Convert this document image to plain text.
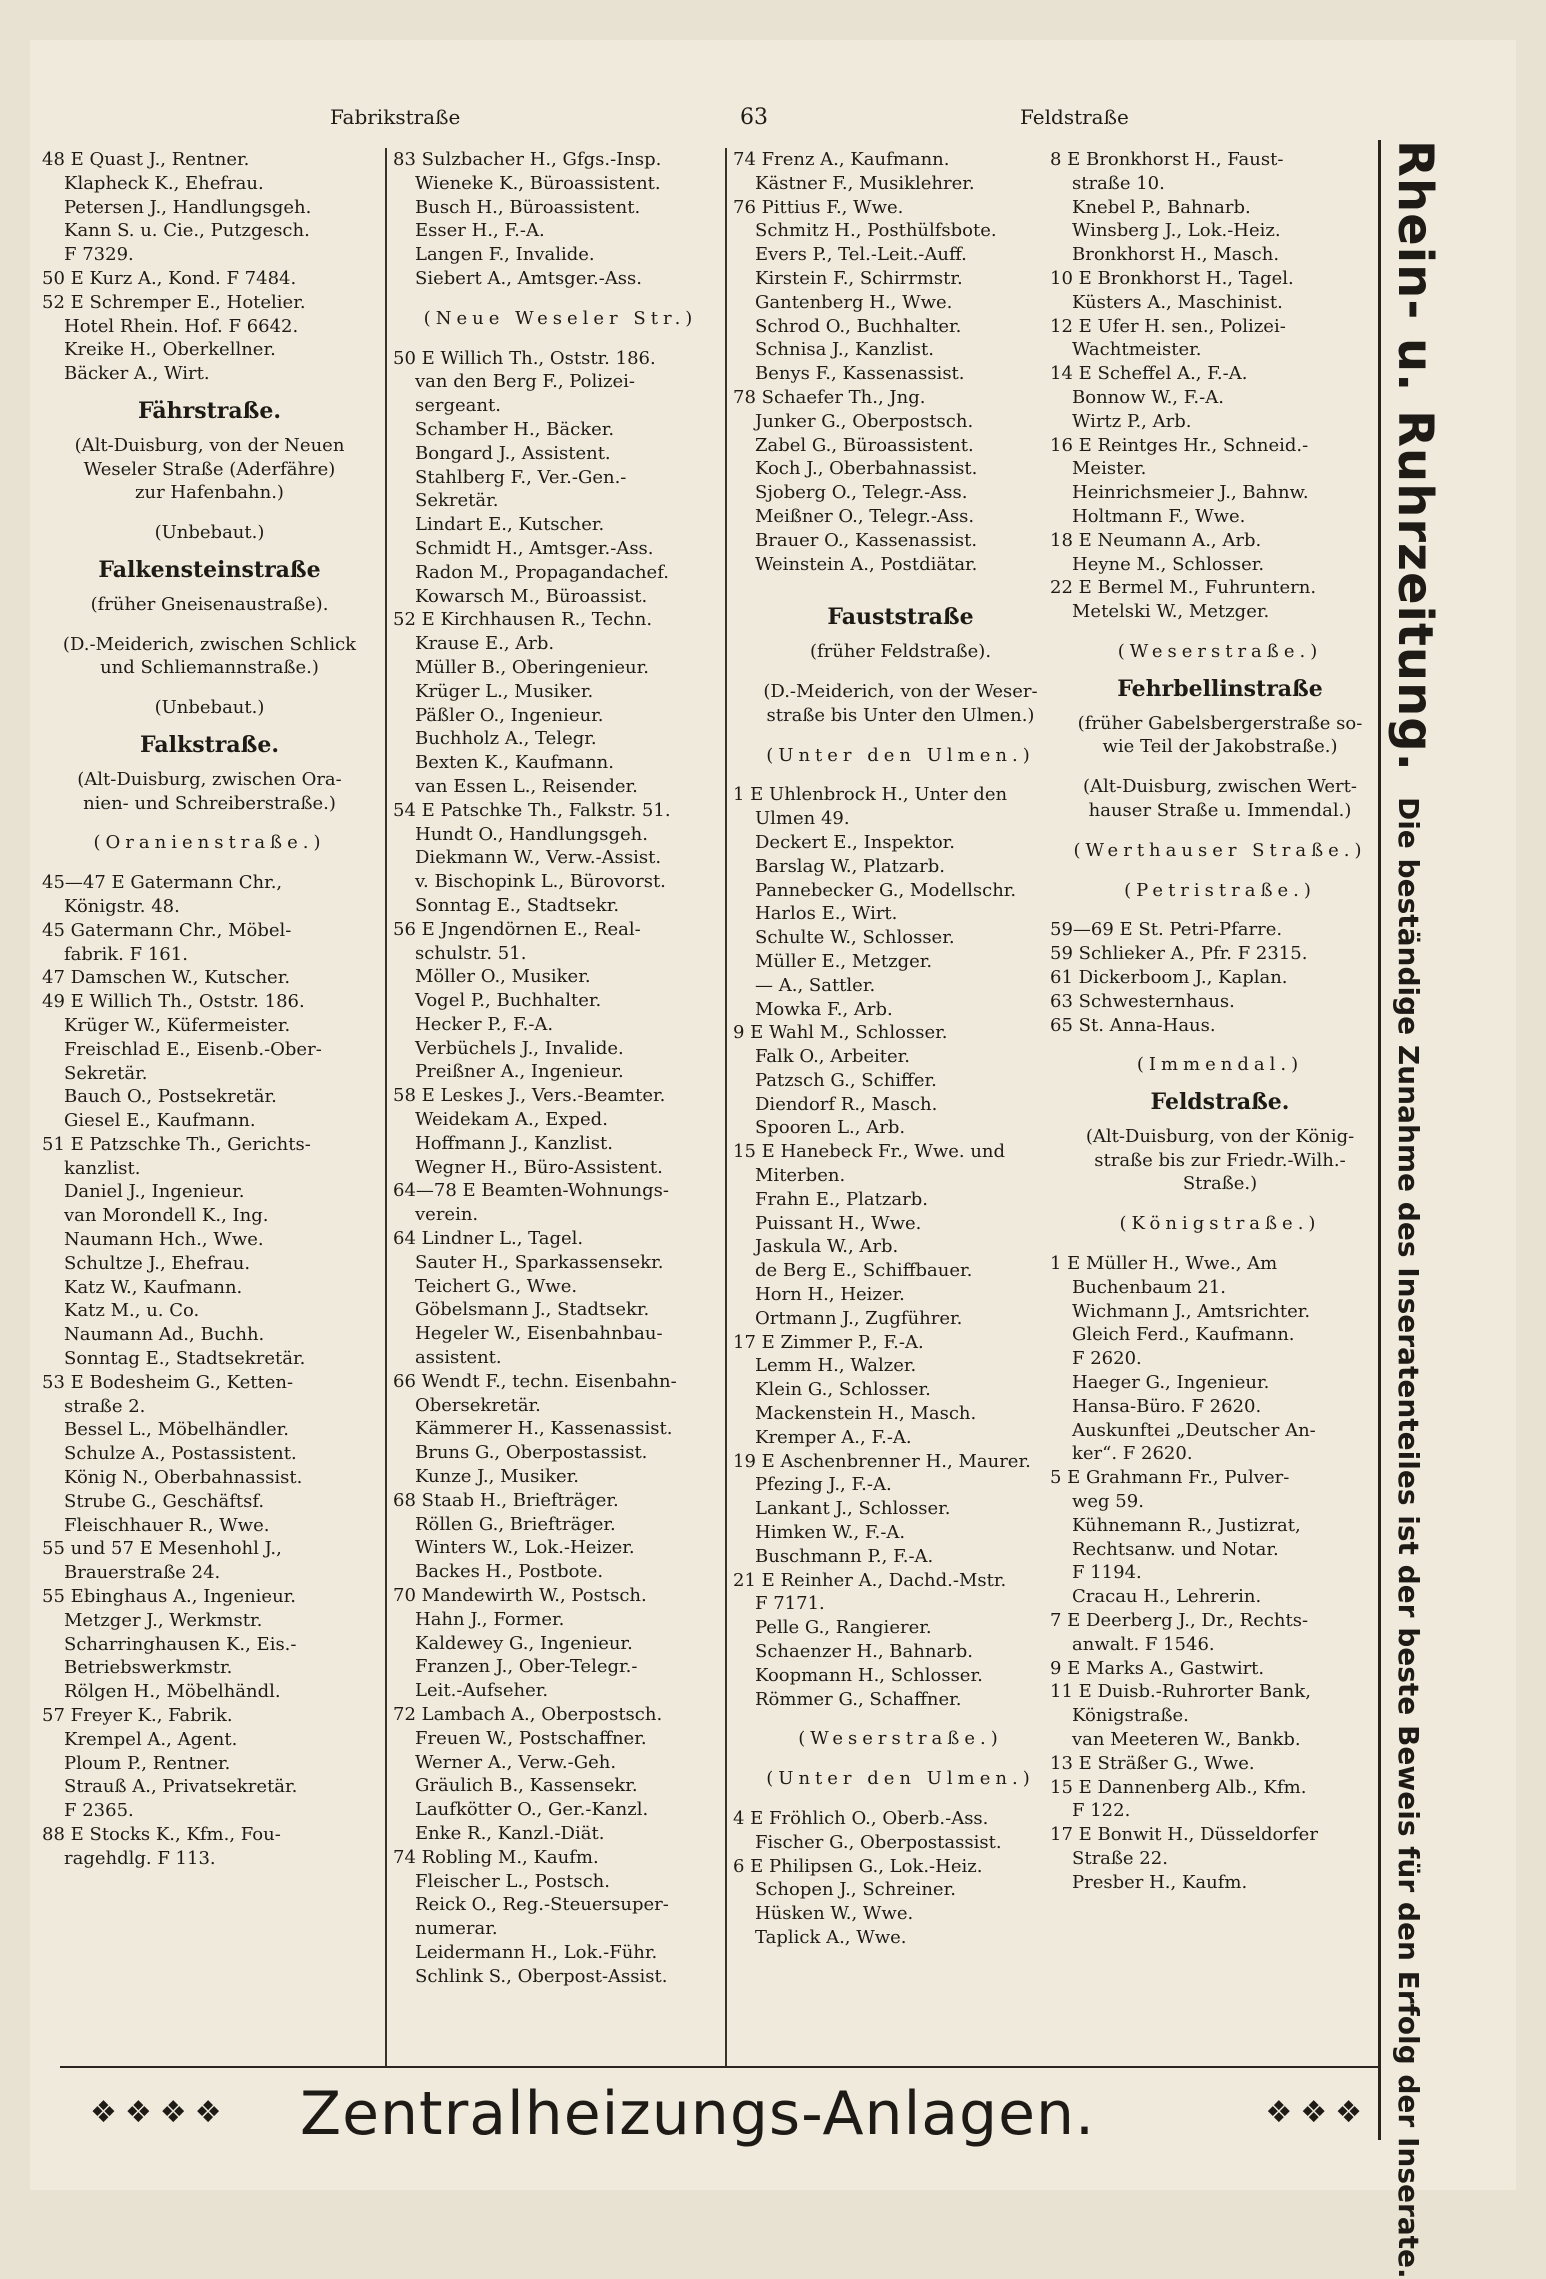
Fabrikstraße	63	Feldstraße
48 E Quast J., Rentner.
Klapheck K., Ehefrau.
Petersen J., Handlungsgeh.
Kann S. u. Cie., Putzgesch.
F 7329.
50 E Kurz A., Kond. F 7484.
52 E Schremper E., Hotelier.
Hotel Rhein. Hof. F 6642.
Kreike H., Oberkellner.
Bäcker A., Wirt.
Fährstraße.
(Alt-Duisburg, von der Neuen
Weseler Straße (Aderfähre)
zur Hafenbahn.)
(Unbebaut.)
Falkensteinstraße
(früher Gneisenaustraße).
(D.-Meiderich, zwischen Schlick
und Schliemannstraße.)
(Unbebaut.)
Falkstraße.
(Alt-Duisburg, zwischen Ora-
nien- und Schreiberstraße.)
(Oranienstraße.)
45—47 E Gatermann Chr.,
Königstr. 48.
45 Gatermann Chr., Möbel-
fabrik. F 161.
47 Damschen W., Kutscher.
49 E Willich Th., Oststr. 186.
Krüger W., Küfermeister.
Freischlad E., Eisenb.-Ober-
Sekretär.
Bauch O., Postsekretär.
Giesel E., Kaufmann.
51 E Patzschke Th., Gerichts-
kanzlist.
Daniel J., Ingenieur.
van Morondell K., Ing.
Naumann Hch., Wwe.
Schultze J., Ehefrau.
Katz W., Kaufmann.
Katz M., u. Co.
Naumann Ad., Buchh.
Sonntag E., Stadtsekretär.
53 E Bodesheim G., Ketten-
straße 2.
Bessel L., Möbelhändler.
Schulze A., Postassistent.
König N., Oberbahnassist.
Strube G., Geschäftsf.
Fleischhauer R., Wwe.
55 und 57 E Mesenhohl J.,
Brauerstraße 24.
55 Ebinghaus A., Ingenieur.
Metzger J., Werkmstr.
Scharringhausen K., Eis.-
Betriebswerkmstr.
Rölgen H., Möbelhändl.
57 Freyer K., Fabrik.
Krempel A., Agent.
Ploum P., Rentner.
Strauß A., Privatsekretär.
F 2365.
88 E Stocks K., Kfm., Fou-
ragehdlg. F 113.
83 Sulzbacher H., Gfgs.-Insp.
Wieneke K., Büroassistent.
Busch H., Büroassistent.
Esser H., F.-A.
Langen F., Invalide.
Siebert A., Amtsger.-Ass.
(Neue Weseler Str.)
50 E Willich Th., Oststr. 186.
van den Berg F., Polizei-
sergeant.
Schamber H., Bäcker.
Bongard J., Assistent.
Stahlberg F., Ver.-Gen.-
Sekretär.
Lindart E., Kutscher.
Schmidt H., Amtsger.-Ass.
Radon M., Propagandachef.
Kowarsch M., Büroassist.
52 E Kirchhausen R., Techn.
Krause E., Arb.
Müller B., Oberingenieur.
Krüger L., Musiker.
Päßler O., Ingenieur.
Buchholz A., Telegr.
Bexten K., Kaufmann.
van Essen L., Reisender.
54 E Patschke Th., Falkstr. 51.
Hundt O., Handlungsgeh.
Diekmann W., Verw.-Assist.
v. Bischopink L., Bürovorst.
Sonntag E., Stadtsekr.
56 E Jngendörnen E., Real-
schulstr. 51.
Möller O., Musiker.
Vogel P., Buchhalter.
Hecker P., F.-A.
Verbüchels J., Invalide.
Preißner A., Ingenieur.
58 E Leskes J., Vers.-Beamter.
Weidekam A., Exped.
Hoffmann J., Kanzlist.
Wegner H., Büro-Assistent.
64—78 E Beamten-Wohnungs-
verein.
64 Lindner L., Tagel.
Sauter H., Sparkassensekr.
Teichert G., Wwe.
Göbelsmann J., Stadtsekr.
Hegeler W., Eisenbahnbau-
assistent.
66 Wendt F., techn. Eisenbahn-
Obersekretär.
Kämmerer H., Kassenassist.
Bruns G., Oberpostassist.
Kunze J., Musiker.
68 Staab H., Briefträger.
Röllen G., Briefträger.
Winters W., Lok.-Heizer.
Backes H., Postbote.
70 Mandewirth W., Postsch.
Hahn J., Former.
Kaldewey G., Ingenieur.
Franzen J., Ober-Telegr.-
Leit.-Aufseher.
72 Lambach A., Oberpostsch.
Freuen W., Postschaffner.
Werner A., Verw.-Geh.
Gräulich B., Kassensekr.
Laufkötter O., Ger.-Kanzl.
Enke R., Kanzl.-Diät.
74 Robling M., Kaufm.
Fleischer L., Postsch.
Reick O., Reg.-Steuersuper-
numerar.
Leidermann H., Lok.-Führ.
Schlink S., Oberpost-Assist.
74 Frenz A., Kaufmann.
Kästner F., Musiklehrer.
76 Pittius F., Wwe.
Schmitz H., Posthülfsbote.
Evers P., Tel.-Leit.-Auff.
Kirstein F., Schirrmstr.
Gantenberg H., Wwe.
Schrod O., Buchhalter.
Schnisa J., Kanzlist.
Benys F., Kassenassist.
78 Schaefer Th., Jng.
Junker G., Oberpostsch.
Zabel G., Büroassistent.
Koch J., Oberbahnassist.
Sjoberg O., Telegr.-Ass.
Meißner O., Telegr.-Ass.
Brauer O., Kassenassist.
Weinstein A., Postdiätar.
Fauststraße
(früher Feldstraße).
(D.-Meiderich, von der Weser-
straße bis Unter den Ulmen.)
(Unter den Ulmen.)
1 E Uhlenbrock H., Unter den
Ulmen 49.
Deckert E., Inspektor.
Barslag W., Platzarb.
Pannebecker G., Modellschr.
Harlos E., Wirt.
Schulte W., Schlosser.
Müller E., Metzger.
— A., Sattler.
Mowka F., Arb.
9 E Wahl M., Schlosser.
Falk O., Arbeiter.
Patzsch G., Schiffer.
Diendorf R., Masch.
Spooren L., Arb.
15 E Hanebeck Fr., Wwe. und
Miterben.
Frahn E., Platzarb.
Puissant H., Wwe.
Jaskula W., Arb.
de Berg E., Schiffbauer.
Horn H., Heizer.
Ortmann J., Zugführer.
17 E Zimmer P., F.-A.
Lemm H., Walzer.
Klein G., Schlosser.
Mackenstein H., Masch.
Kremper A., F.-A.
19 E Aschenbrenner H., Maurer.
Pfezing J., F.-A.
Lankant J., Schlosser.
Himken W., F.-A.
Buschmann P., F.-A.
21 E Reinher A., Dachd.-Mstr.
F 7171.
Pelle G., Rangierer.
Schaenzer H., Bahnarb.
Koopmann H., Schlosser.
Römmer G., Schaffner.
(Weserstraße.)
(Unter den Ulmen.)
4 E Fröhlich O., Oberb.-Ass.
Fischer G., Oberpostassist.
6 E Philipsen G., Lok.-Heiz.
Schopen J., Schreiner.
Hüsken W., Wwe.
Taplick A., Wwe.
8 E Bronkhorst H., Faust-
straße 10.
Knebel P., Bahnarb.
Winsberg J., Lok.-Heiz.
Bronkhorst H., Masch.
10 E Bronkhorst H., Tagel.
Küsters A., Maschinist.
12 E Ufer H. sen., Polizei-
Wachtmeister.
14 E Scheffel A., F.-A.
Bonnow W., F.-A.
Wirtz P., Arb.
16 E Reintges Hr., Schneid.-
Meister.
Heinrichsmeier J., Bahnw.
Holtmann F., Wwe.
18 E Neumann A., Arb.
Heyne M., Schlosser.
22 E Bermel M., Fuhruntern.
Metelski W., Metzger.
(Weserstraße.)
Fehrbellinstraße
(früher Gabelsbergerstraße so-
wie Teil der Jakobstraße.)
(Alt-Duisburg, zwischen Wert-
hauser Straße u. Immendal.)
(Werthauser Straße.)
(Petristraße.)
59—69 E St. Petri-Pfarre.
59 Schlieker A., Pfr. F 2315.
61 Dickerboom J., Kaplan.
63 Schwesternhaus.
65 St. Anna-Haus.
(Immendal.)
Feldstraße.
(Alt-Duisburg, von der König-
straße bis zur Friedr.-Wilh.-
Straße.)
(Königstraße.)
1 E Müller H., Wwe., Am
Buchenbaum 21.
Wichmann J., Amtsrichter.
Gleich Ferd., Kaufmann.
F 2620.
Haeger G., Ingenieur.
Hansa-Büro. F 2620.
Auskunftei „Deutscher An-
ker“. F 2620.
5 E Grahmann Fr., Pulver-
weg 59.
Kühnemann R., Justizrat,
Rechtsanw. und Notar.
F 1194.
Cracau H., Lehrerin.
7 E Deerberg J., Dr., Rechts-
anwalt. F 1546.
9 E Marks A., Gastwirt.
11 E Duisb.-Ruhrorter Bank,
Königstraße.
van Meeteren W., Bankb.
13 E Sträßer G., Wwe.
15 E Dannenberg Alb., Kfm.
F 122.
17 E Bonwit H., Düsseldorfer
Straße 22.
Presber H., Kaufm.
Rhein- u. Ruhrzeitung. Die beständige Zunahme des Inseratenteiles ist der beste Beweis für den Erfolg der Inserate.
❖❖❖❖ Zentralheizungs-Anlagen.	❖❖❖
